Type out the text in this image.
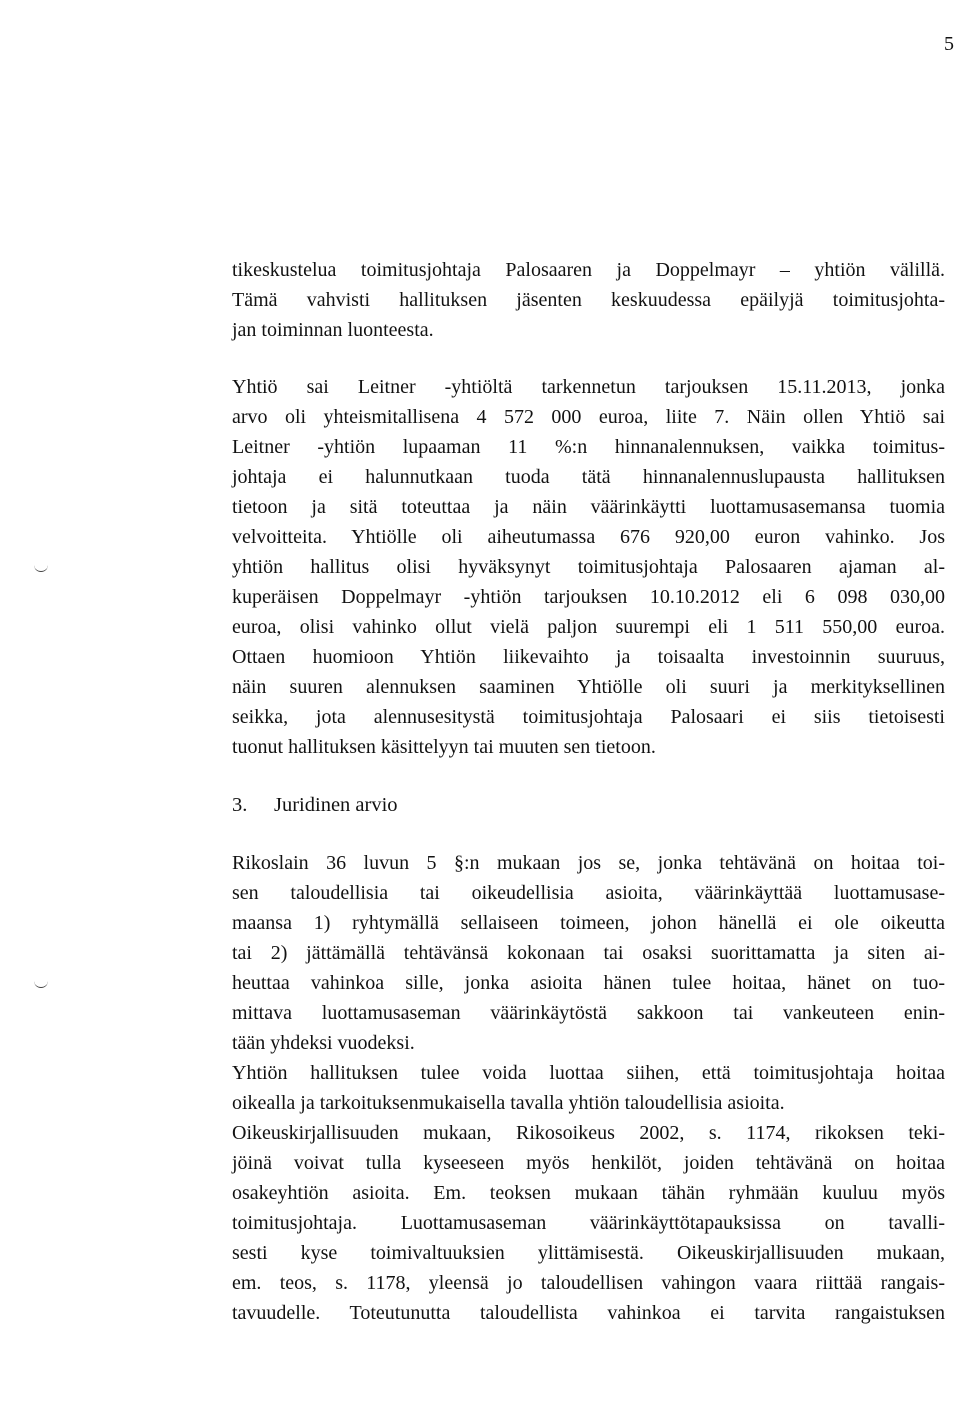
5
tikeskustelua toimitusjohtaja Palosaaren ja Doppelmayr – yhtiön välillä.
Tämä vahvisti hallituksen jäsenten keskuudessa epäilyjä toimitusjohta-
jan toiminnan luonteesta.
Yhtiö sai Leitner -yhtiöltä tarkennetun tarjouksen 15.11.2013, jonka
arvo oli yhteismitallisena 4 572 000 euroa, liite 7. Näin ollen Yhtiö sai
Leitner -yhtiön lupaaman 11 %:n hinnanalennuksen, vaikka toimitus-
johtaja ei halunnutkaan tuoda tätä hinnanalennuslupausta hallituksen
tietoon ja sitä toteuttaa ja näin väärinkäytti luottamusasemansa tuomia
velvoitteita. Yhtiölle oli aiheutumassa 676 920,00 euron vahinko. Jos
yhtiön hallitus olisi hyväksynyt toimitusjohtaja Palosaaren ajaman al-
kuperäisen Doppelmayr -yhtiön tarjouksen 10.10.2012 eli 6 098 030,00
euroa, olisi vahinko ollut vielä paljon suurempi eli 1 511 550,00 euroa.
Ottaen huomioon Yhtiön liikevaihto ja toisaalta investoinnin suuruus,
näin suuren alennuksen saaminen Yhtiölle oli suuri ja merkityksellinen
seikka, jota alennusesitystä toimitusjohtaja Palosaari ei siis tietoisesti
tuonut hallituksen käsittelyyn tai muuten sen tietoon.
3.	Juridinen arvio
Rikoslain 36 luvun 5 §:n mukaan jos se, jonka tehtävänä on hoitaa toi-
sen taloudellisia tai oikeudellisia asioita, väärinkäyttää luottamusase-
maansa 1) ryhtymällä sellaiseen toimeen, johon hänellä ei ole oikeutta
tai 2) jättämällä tehtävänsä kokonaan tai osaksi suorittamatta ja siten ai-
heuttaa vahinkoa sille, jonka asioita hänen tulee hoitaa, hänet on tuo-
mittava luottamusaseman väärinkäytöstä sakkoon tai vankeuteen enin-
tään yhdeksi vuodeksi.
Yhtiön hallituksen tulee voida luottaa siihen, että toimitusjohtaja hoitaa
oikealla ja tarkoituksenmukaisella tavalla yhtiön taloudellisia asioita.
Oikeuskirjallisuuden mukaan, Rikosoikeus 2002, s. 1174, rikoksen teki-
jöinä voivat tulla kyseeseen myös henkilöt, joiden tehtävänä on hoitaa
osakeyhtiön asioita. Em. teoksen mukaan tähän ryhmään kuuluu myös
toimitusjohtaja. Luottamusaseman väärinkäyttötapauksissa on tavalli-
sesti kyse toimivaltuuksien ylittämisestä. Oikeuskirjallisuuden mukaan,
em. teos, s. 1178, yleensä jo taloudellisen vahingon vaara riittää rangais-
tavuudelle. Toteutunutta taloudellista vahinkoa ei tarvita rangaistuksen
